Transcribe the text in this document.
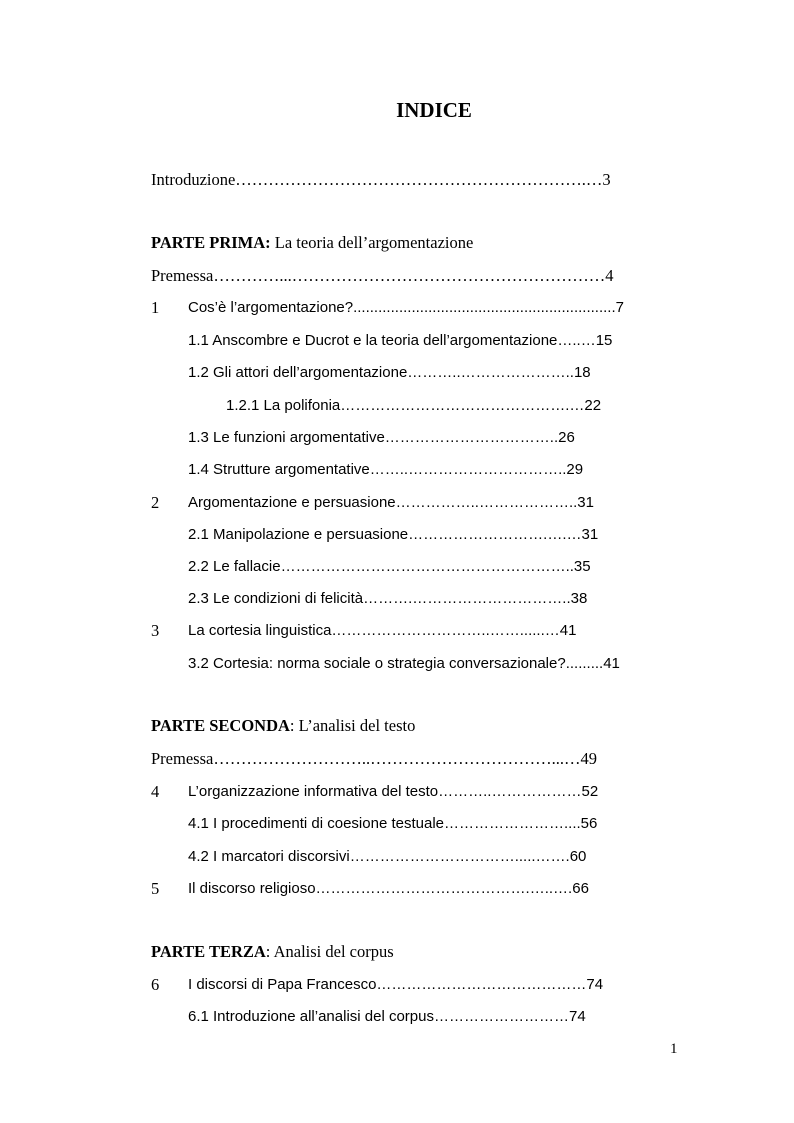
INDICE
Introduzione……………………………………………………….…3
PARTE PRIMA: La teoria dell’argomentazione
Premessa…………...…………………………………………………4
1 Cos’è l’argomentazione?...............................................................7
1.1 Anscombre e Ducrot e la teoria dell’argomentazione…..…15
1.2 Gli attori dell’argomentazione………..…………………..18
1.2.1 La polifonia……………………………………….…22
1.3 Le funzioni argomentative……………………………..26
1.4 Strutture argomentative……..…………………………..29
2 Argomentazione e persuasione……………..………………..31
2.1 Manipolazione e persuasione……………………….….…31
2.2 Le fallacie…………………………………………………..35
2.3 Le condizioni di felicità……….…………………………..38
3 La cortesia linguistica…………………………..……......…41
3.2 Cortesia: norma sociale o strategia conversazionale?.........41
PARTE SECONDA: L’analisi del testo
Premessa………………………..……………………………...…49
4 L’organizzazione informativa del testo………..………………52
4.1 I procedimenti di coesione testuale……………………....56
4.2 I marcatori discorsivi…………………………….....…….60
5 Il discorso religioso…………………………………….…..….66
PARTE TERZA: Analisi del corpus
6 I discorsi di Papa Francesco……………………………………74
6.1 Introduzione all’analisi del corpus………………………74
1
